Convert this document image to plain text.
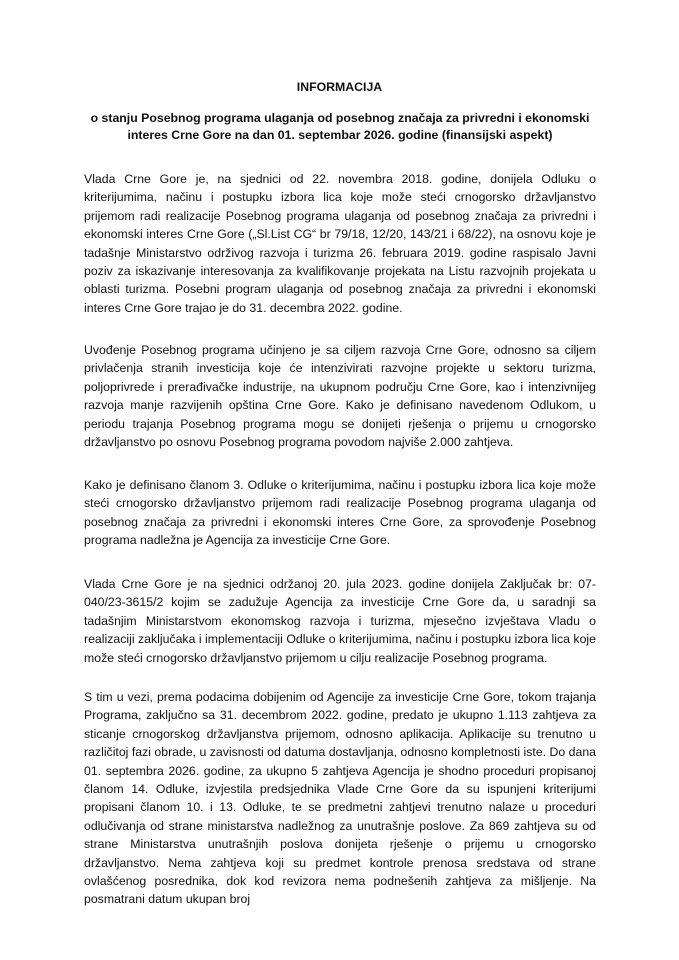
INFORMACIJA
o stanju Posebnog programa ulaganja od posebnog značaja za privredni i ekonomski interes Crne Gore na dan 01. septembar 2026. godine (finansijski aspekt)

Vlada Crne Gore je, na sjednici od 22. novembra 2018. godine, donijela Odluku o kriterijumima, načinu i postupku izbora lica koje može steći crnogorsko državljanstvo prijemom radi realizacije Posebnog programa ulaganja od posebnog značaja za privredni i ekonomski interes Crne Gore („Sl.List CG“ br 79/18, 12/20, 143/21 i 68/22), na osnovu koje je tadašnje Ministarstvo održivog razvoja i turizma 26. februara 2019. godine raspisalo Javni poziv za iskazivanje interesovanja za kvalifikovanje projekata na Listu razvojnih projekata u oblasti turizma. Posebni program ulaganja od posebnog značaja za privredni i ekonomski interes Crne Gore trajao je do 31. decembra 2022. godine.

Uvođenje Posebnog programa učinjeno je sa ciljem razvoja Crne Gore, odnosno sa ciljem privlačenja stranih investicija koje će intenzivirati razvojne projekte u sektoru turizma, poljoprivrede i prerađivačke industrije, na ukupnom području Crne Gore, kao i intenzivnijeg razvoja manje razvijenih opština Crne Gore. Kako je definisano navedenom Odlukom, u periodu trajanja Posebnog programa mogu se donijeti rješenja o prijemu u crnogorsko državljanstvo po osnovu Posebnog programa povodom najviše 2.000 zahtjeva.

Kako je definisano članom 3. Odluke o kriterijumima, načinu i postupku izbora lica koje može steći crnogorsko državljanstvo prijemom radi realizacije Posebnog programa ulaganja od posebnog značaja za privredni i ekonomski interes Crne Gore, za sprovođenje Posebnog programa nadležna je Agencija za investicije Crne Gore.

Vlada Crne Gore je na sjednici održanoj 20. jula 2023. godine donijela Zaključak br: 07-040/23-3615/2 kojim se zadužuje Agencija za investicije Crne Gore da, u saradnji sa tadašnjim Ministarstvom ekonomskog razvoja i turizma, mjesečno izvještava Vladu o realizaciji zaključaka i implementaciji Odluke o kriterijumima, načinu i postupku izbora lica koje može steći crnogorsko državljanstvo prijemom u cilju realizacije Posebnog programa.

S tim u vezi, prema podacima dobijenim od Agencije za investicije Crne Gore, tokom trajanja Programa, zaključno sa 31. decembrom 2022. godine, predato je ukupno 1.113 zahtjeva za sticanje crnogorskog državljanstva prijemom, odnosno aplikacija. Aplikacije su trenutno u različitoj fazi obrade, u zavisnosti od datuma dostavljanja, odnosno kompletnosti iste. Do dana 01. septembra 2026. godine, za ukupno 5 zahtjeva Agencija je shodno proceduri propisanoj članom 14. Odluke, izvjestila predsjednika Vlade Crne Gore da su ispunjeni kriterijumi propisani članom 10. i 13. Odluke, te se predmetni zahtjevi trenutno nalaze u proceduri odlučivanja od strane ministarstva nadležnog za unutrašnje poslove. Za 869 zahtjeva su od strane Ministarstva unutrašnjih poslova donijeta rješenje o prijemu u crnogorsko državljanstvo. Nema zahtjeva koji su predmet kontrole prenosa sredstava od strane ovlašćenog posrednika, dok kod revizora nema podnešenih zahtjeva za mišljenje. Na posmatrani datum ukupan broj
